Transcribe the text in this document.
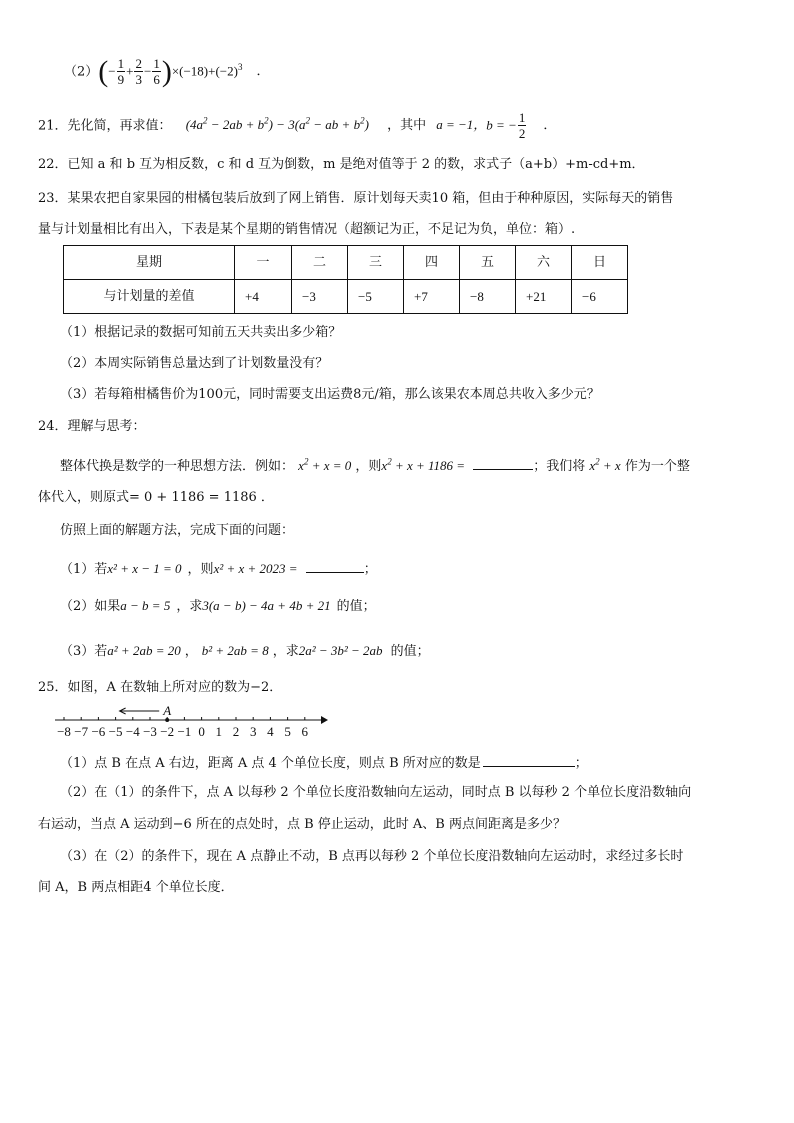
$(2)(- \frac{1}{9} + \frac{2}{3} - \frac{1}{6} )\times(-18)+(-2)^3$ ．
21．先化简，再求值： $(4a^2 - 2ab + b^2) - 3(a^2$ − ab + $b^2$) ，其中 a = −1，b = − $\frac{1}{2}$ ．
22．已知 a 和 b 互为相反数，c 和 d 互为倒数，m 是绝对值等于 2 的数，求式子（a+b）+m-cd+m．
23．某果农把自家果园的柑橘包装后放到了网上销售．原计划每天卖10 箱，但由于种种原因，实际每天的销售
量与计划量相比有出入，下表是某个星期的销售情况（超额记为正，不足记为负，单位：箱）.
星期	一	二	三	四	五	六	日
与计划量的差值	+4	−3	−5	+7	−8	+21	−6
（1）根据记录的数据可知前五天共卖出多少箱？
（2）本周实际销售总量达到了计划数量没有？
（3）若每箱柑橘售价为100元，同时需要支出运费8元/箱，那么该果农本周总共收入多少元？
24．理解与思考：
整体代换是数学的一种思想方法．例如： $x^2 + x = 0$ ，则$x^2 + x + 1186$ =	；我们将 $x^2 + x$ 作为一个整
体代入，则原式= 0 + 1186 = 1186 ．
仿照上面的解题方法，完成下面的问题：
（1）若x² + x − 1 = 0 ，则x² + x + 2023 =	；
（2）如果a − b = 5 ，求3(a − b) − 4a + 4b + 21 的值；
（3）若a² + 2ab = 20 ， b² + 2ab = 8 ，求2a² − 3b² − 2ab 的值；
25．如图，A 在数轴上所对应的数为−2．
−8 −7 −6 −5 −4 −3 −2 −1 0 1 2 3 4 5 6
A
（1）点 B 在点 A 右边，距离 A 点 4 个单位长度，则点 B 所对应的数是	；
（2）在（1）的条件下，点 A 以每秒 2 个单位长度沿数轴向左运动，同时点 B 以每秒 2 个单位长度沿数轴向
右运动，当点 A 运动到−6 所在的点处时，点 B 停止运动，此时 A、B 两点间距离是多少？
（3）在（2）的条件下，现在 A 点静止不动，B 点再以每秒 2 个单位长度沿数轴向左运动时，求经过多长时
间 A，B 两点相距4 个单位长度．
